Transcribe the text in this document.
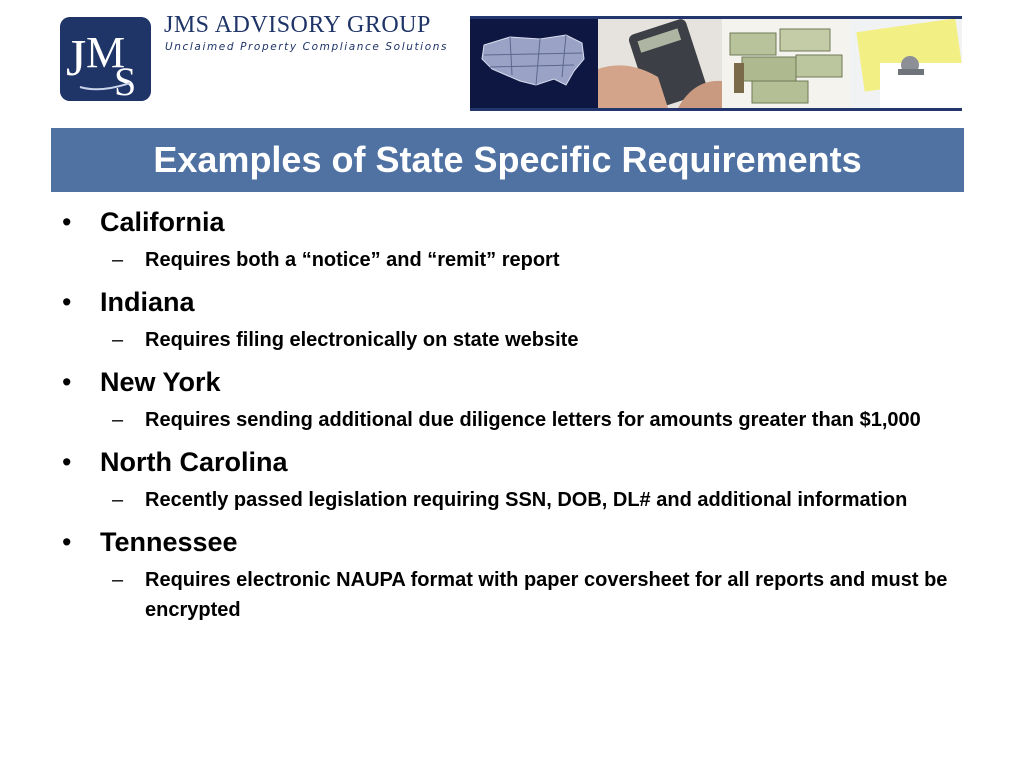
J M
S
JMS ADVISORY GROUP
Unclaimed Property Compliance Solutions
Examples of State Specific Requirements
• California
– Requires both a “notice” and “remit” report
• Indiana
– Requires filing electronically on state website
• New York
– Requires sending additional due diligence letters for amounts greater than $1,000
• North Carolina
– Recently passed legislation requiring SSN, DOB, DL# and additional information
• Tennessee
– Requires electronic NAUPA format with paper coversheet for all reports and must be encrypted
